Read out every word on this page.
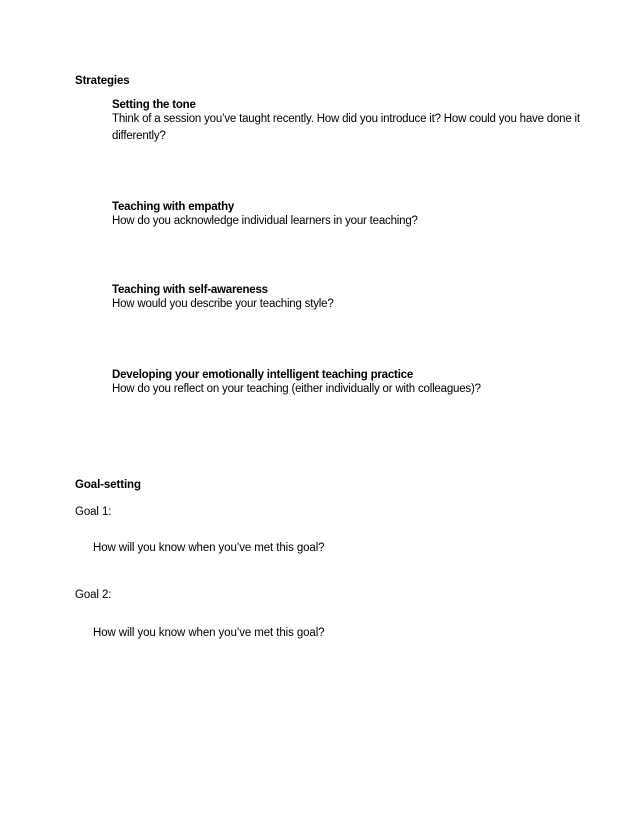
Strategies
Setting the tone
Think of a session you’ve taught recently. How did you introduce it? How could you have done it differently?
Teaching with empathy
How do you acknowledge individual learners in your teaching?
Teaching with self-awareness
How would you describe your teaching style?
Developing your emotionally intelligent teaching practice
How do you reflect on your teaching (either individually or with colleagues)?
Goal-setting
Goal 1:
How will you know when you’ve met this goal?
Goal 2:
How will you know when you’ve met this goal?
